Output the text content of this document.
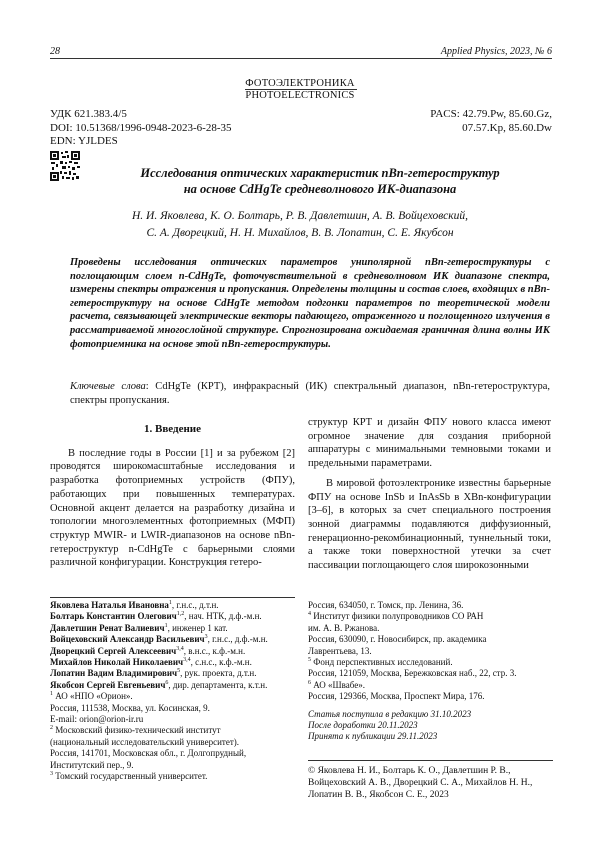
28	Applied Physics, 2023, № 6
ФОТОЭЛЕКТРОНИКА
PHOTOELECTRONICS
УДК 621.383.4/5
DOI: 10.51368/1996-0948-2023-6-28-35
EDN: YJLDES
PACS: 42.79.Pw, 85.60.Gz,
07.57.Kp, 85.60.Dw
Исследования оптических характеристик nBn-гетероструктур
на основе CdHgTe средневолнового ИК-диапазона
Н. И. Яковлева, К. О. Болтарь, Р. В. Давлетшин, А. В. Войцеховский,
С. А. Дворецкий, Н. Н. Михайлов, В. В. Лопатин, С. Е. Якубсон
Проведены исследования оптических параметров униполярной nBn-гетероструктуры с поглощающим слоем n-CdHgTe, фоточувствительной в средневолновом ИК диапазоне спектра, измерены спектры отражения и пропускания. Определены толщины и состав слоев, входящих в nBn-гетероструктуру на основе CdHgTe методом подгонки параметров по теоретической модели расчета, связывающей электрические векторы падающего, отраженного и поглощенного излучения в рассматриваемой многослойной структуре. Спрогнозирована ожидаемая граничная длина волны ИК фотоприемника на основе этой nBn-гетероструктуры.
Ключевые слова: CdHgTe (КРТ), инфракрасный (ИК) спектральный диапазон, nBn-гетероструктура, спектры пропускания.
1. Введение

В последние годы в России [1] и за рубежом [2] проводятся широкомасштабные исследования и разработка фотоприемных устройств (ФПУ), работающих при повышенных температурах. Основной акцент делается на разработку дизайна и топологии многоэлементных фотоприемных (МФП) структур MWIR- и LWIR-диапазонов на основе nBn-гетероструктур n-CdHgTe с барьерными слоями различной конфигурации. Конструкция гетеро-

структур КРТ и дизайн ФПУ нового класса имеют огромное значение для создания приборной аппаратуры с минимальными темновыми токами и предельными параметрами.

В мировой фотоэлектронике известны барьерные ФПУ на основе InSb и InAsSb в XBn-конфигурации [3–6], в которых за счет специального построения зонной диаграммы подавляются диффузионный, генерационно-рекомбинационный, туннельный токи, а также токи поверхностной утечки за счет пассивации поглощающего слоя широкозонными

Яковлева Наталья Ивановна$^1$, г.н.с., д.т.н.
Болтарь Константин Олегович$^{1,2}$, нач. НТК, д.ф.-м.н.
Давлетшин Ренат Валиевич$^1$, инженер 1 кат.
Войцеховский Александр Васильевич$^3$, г.н.с., д.ф.-м.н.
Дворецкий Сергей Алексеевич$^{3,4}$, в.н.с., к.ф.-м.н.
Михайлов Николай Николаевич$^{3,4}$, с.н.с., к.ф.-м.н.
Лопатин Вадим Владимирович$^5$, рук. проекта, д.т.н.
Якобсон Сергей Евгеньевич$^6$, дир. департамента, к.т.н.
$^1$ АО «НПО «Орион».
Россия, 111538, Москва, ул. Косинская, 9.
E-mail: orion@orion-ir.ru
$^2$ Московский физико-технический институт
(национальный исследовательский университет).
Россия, 141701, Московская обл., г. Долгопрудный,
Институтский пер., 9.
$^3$ Томский государственный университет.
Россия, 634050, г. Томск, пр. Ленина, 36.
$^4$ Институт физики полупроводников СО РАН
им. А. В. Ржанова.
Россия, 630090, г. Новосибирск, пр. академика
Лаврентьева, 13.
$^5$ Фонд перспективных исследований.
Россия, 121059, Москва, Бережковская наб., 22, стр. 3.
$^6$ АО «Швабе».
Россия, 129366, Москва, Проспект Мира, 176.
Статья поступила в редакцию 31.10.2023
После доработки 20.11.2023
Принята к публикации 29.11.2023
© Яковлева Н. И., Болтарь К. О., Давлетшин Р. В.,
Войцеховский А. В., Дворецкий С. А., Михайлов Н. Н.,
Лопатин В. В., Якобсон С. Е., 2023
